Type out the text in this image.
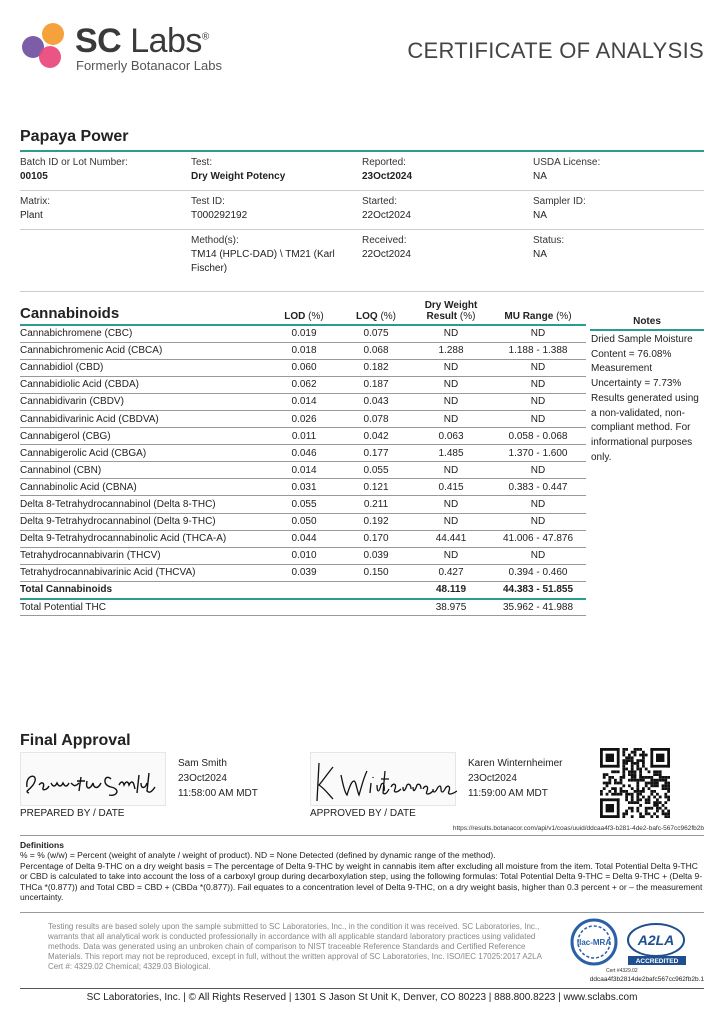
SC Labs®
Formerly Botanacor Labs
CERTIFICATE OF ANALYSIS
Papaya Power
Batch ID or Lot Number:
00105
Test:
Dry Weight Potency
Reported:
23Oct2024
USDA License:
NA
Matrix:
Plant
Test ID:
T000292192
Started:
22Oct2024
Sampler ID:
NA
Method(s):
TM14 (HPLC-DAD) \ TM21 (Karl Fischer)
Received:
22Oct2024
Status:
NA
Cannabinoids	LOD (%)	LOQ (%)	Dry Weight
Result (%)	MU Range (%)
Cannabichromene (CBC)	0.019	0.075	ND	ND
Cannabichromenic Acid (CBCA)	0.018	0.068	1.288	1.188 - 1.388
Cannabidiol (CBD)	0.060	0.182	ND	ND
Cannabidiolic Acid (CBDA)	0.062	0.187	ND	ND
Cannabidivarin (CBDV)	0.014	0.043	ND	ND
Cannabidivarinic Acid (CBDVA)	0.026	0.078	ND	ND
Cannabigerol (CBG)	0.011	0.042	0.063	0.058 - 0.068
Cannabigerolic Acid (CBGA)	0.046	0.177	1.485	1.370 - 1.600
Cannabinol (CBN)	0.014	0.055	ND	ND
Cannabinolic Acid (CBNA)	0.031	0.121	0.415	0.383 - 0.447
Delta 8-Tetrahydrocannabinol (Delta 8-THC)	0.055	0.211	ND	ND
Delta 9-Tetrahydrocannabinol (Delta 9-THC)	0.050	0.192	ND	ND
Delta 9-Tetrahydrocannabinolic Acid (THCA-A)	0.044	0.170	44.441	41.006 - 47.876
Tetrahydrocannabivarin (THCV)	0.010	0.039	ND	ND
Tetrahydrocannabivarinic Acid (THCVA)	0.039	0.150	0.427	0.394 - 0.460
Total Cannabinoids			48.119	44.383 - 51.855
Total Potential THC			38.975	35.962 - 41.988
Notes
Dried Sample Moisture Content = 76.08% Measurement Uncertainty = 7.73% Results generated using a non-validated, non-compliant method. For informational purposes only.
Final Approval
Sam Smith
23Oct2024
11:58:00 AM MDT
PREPARED BY / DATE
Karen Winternheimer
23Oct2024
11:59:00 AM MDT
APPROVED BY / DATE
https://results.botanacor.com/api/v1/coas/uuid/ddcaa4f3-b281-4de2-bafc-567cc962fb2b
Definitions
% = % (w/w) = Percent (weight of analyte / weight of product). ND = None Detected (defined by dynamic range of the method).
Percentage of Delta 9-THC on a dry weight basis = The percentage of Delta 9-THC by weight in cannabis item after excluding all moisture from the item. Total Potential Delta 9-THC or CBD is calculated to take into account the loss of a carboxyl group during decarboxylation step, using the following formulas: Total Potential Delta 9-THC = Delta 9-THC + (Delta 9-THCa *(0.877)) and Total CBD = CBD + (CBDa *(0.877)). Fail equates to a concentration level of Delta 9-THC, on a dry weight basis, higher than 0.3 percent + or – the measurement uncertainty.
Testing results are based solely upon the sample submitted to SC Laboratories, Inc., in the condition it was received. SC Laboratories, Inc., warrants that all analytical work is conducted professionally in accordance with all applicable standard laboratory practices using validated methods. Data was generated using an unbroken chain of comparison to NIST traceable Reference Standards and Certified Reference Materials. This report may not be reproduced, except in full, without the written approval of SC Laboratories, Inc. ISO/IEC 17025:2017 A2LA Cert #: 4329.02 Chemical; 4329.03 Biological.
ilac-MRA A2LA
ACCREDITED
Cert #4329.02
ddcaa4f3b2814de2bafc567cc962fb2b.1
SC Laboratories, Inc. | © All Rights Reserved | 1301 S Jason St Unit K, Denver, CO 80223 | 888.800.8223 | www.sclabs.com
